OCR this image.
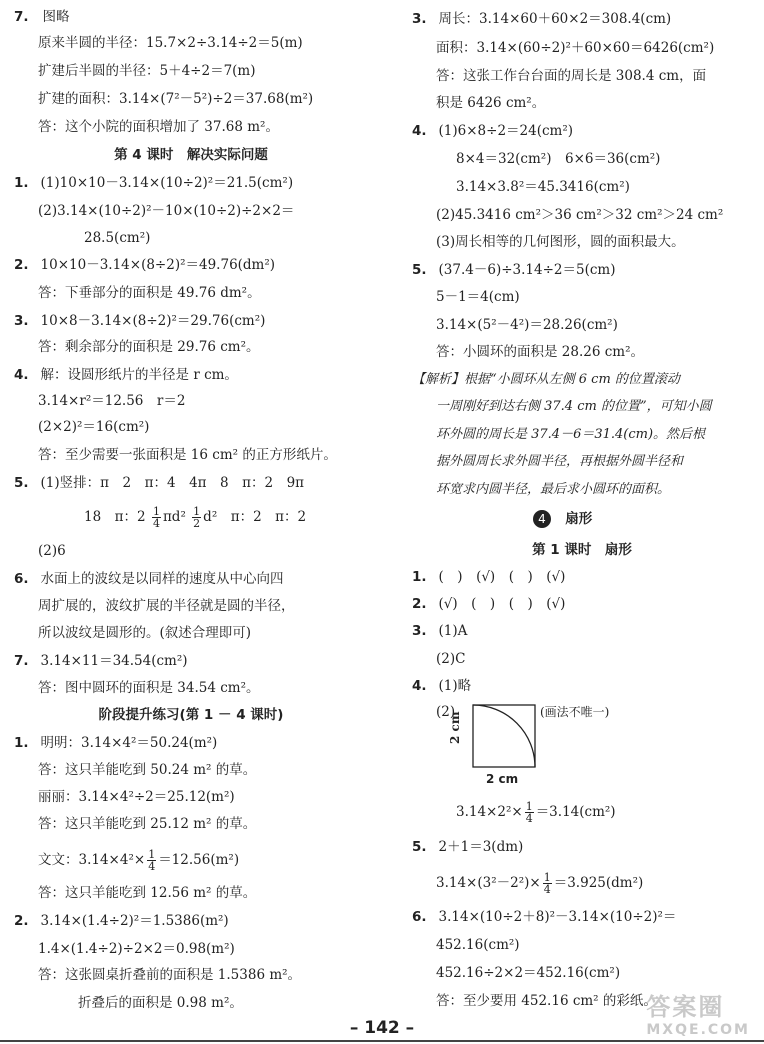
7. 图略
原来半圆的半径：15.7×2÷3.14÷2＝5(m)
扩建后半圆的半径：5＋4÷2＝7(m)
扩建的面积：3.14×(7²－5²)÷2＝37.68(m²)
答：这个小院的面积增加了 37.68 m²。
第 4 课时　解决实际问题
1. (1)10×10－3.14×(10÷2)²＝21.5(cm²)
(2)3.14×(10÷2)²－10×(10÷2)÷2×2＝
28.5(cm²)
2. 10×10－3.14×(8÷2)²＝49.76(dm²)
答：下垂部分的面积是 49.76 dm²。
3. 10×8－3.14×(8÷2)²＝29.76(cm²)
答：剩余部分的面积是 29.76 cm²。
4. 解：设圆形纸片的半径是 r cm。
3.14×r²＝12.56　r＝2
(2×2)²＝16(cm²)
答：至少需要一张面积是 16 cm² 的正方形纸片。
5. (1)竖排：π　2　π：4　4π　8　π：2　9π
18　π：$2 \frac{1}{4} \pi d^2 \frac{1}{2} d^2$　π：2　π：2
(2)6
6. 水面上的波纹是以同样的速度从中心向四
周扩展的，波纹扩展的半径就是圆的半径，
所以波纹是圆形的。(叙述合理即可)
7. 3.14×11＝34.54(cm²)
答：图中圆环的面积是 34.54 cm²。
阶段提升练习(第 1 － 4 课时)
1. 明明：3.14×4²＝50.24(m²)
答：这只羊能吃到 50.24 m² 的草。
丽丽：3.14×4²÷2＝25.12(m²)
答：这只羊能吃到 25.12 m² 的草。
文文：$3.14\times 4^2\times \frac{1}{4} =12.56(m^2)$
答：这只羊能吃到 12.56 m² 的草。
2. 3.14×(1.4÷2)²＝1.5386(m²)
1.4×(1.4÷2)÷2×2＝0.98(m²)
答：这张圆桌折叠前的面积是 1.5386 m²。
折叠后的面积是 0.98 m²。
3. 周长：3.14×60＋60×2＝308.4(cm)
面积：3.14×(60÷2)²＋60×60＝6426(cm²)
答：这张工作台台面的周长是 308.4 cm，面
积是 6426 cm²。
4. (1)6×8÷2＝24(cm²)
8×4＝32(cm²)　6×6＝36(cm²)
3.14×3.8²＝45.3416(cm²)
(2)45.3416 cm²＞36 cm²＞32 cm²＞24 cm²
(3)周长相等的几何图形，圆的面积最大。
5. (37.4－6)÷3.14÷2＝5(cm)
5－1＝4(cm)
3.14×(5²－4²)＝28.26(cm²)
答：小圆环的面积是 28.26 cm²。
【解析】根据“小圆环从左侧 6 cm 的位置滚动
一周刚好到达右侧 37.4 cm 的位置”，可知小圆
环外圆的周长是 37.4－6＝31.4(cm)。然后根
据外圆周长求外圆半径，再根据外圆半径和
环宽求内圆半径，最后求小圆环的面积。
4 扇形
第 1 课时　扇形
1. (　)　(√)　(　)　(√)
2. (√)　(　)　(　)　(√)
3. (1)A
(2)C
4. (1)略
(2)	(画法不唯一)
2 cm
2 cm
$3.14\times 2^2\times \frac{1}{4} =3.14(cm^2)$
5. 2＋1＝3(dm)
$3.14\times(3^2-2^2)\times \frac{1}{4} =3.925(dm^2)$
6. 3.14×(10÷2＋8)²－3.14×(10÷2)²＝
452.16(cm²)
452.16÷2×2＝452.16(cm²)
答：至少要用 452.16 cm² 的彩纸。
– 142 –
答案圈
MXQE.COM
